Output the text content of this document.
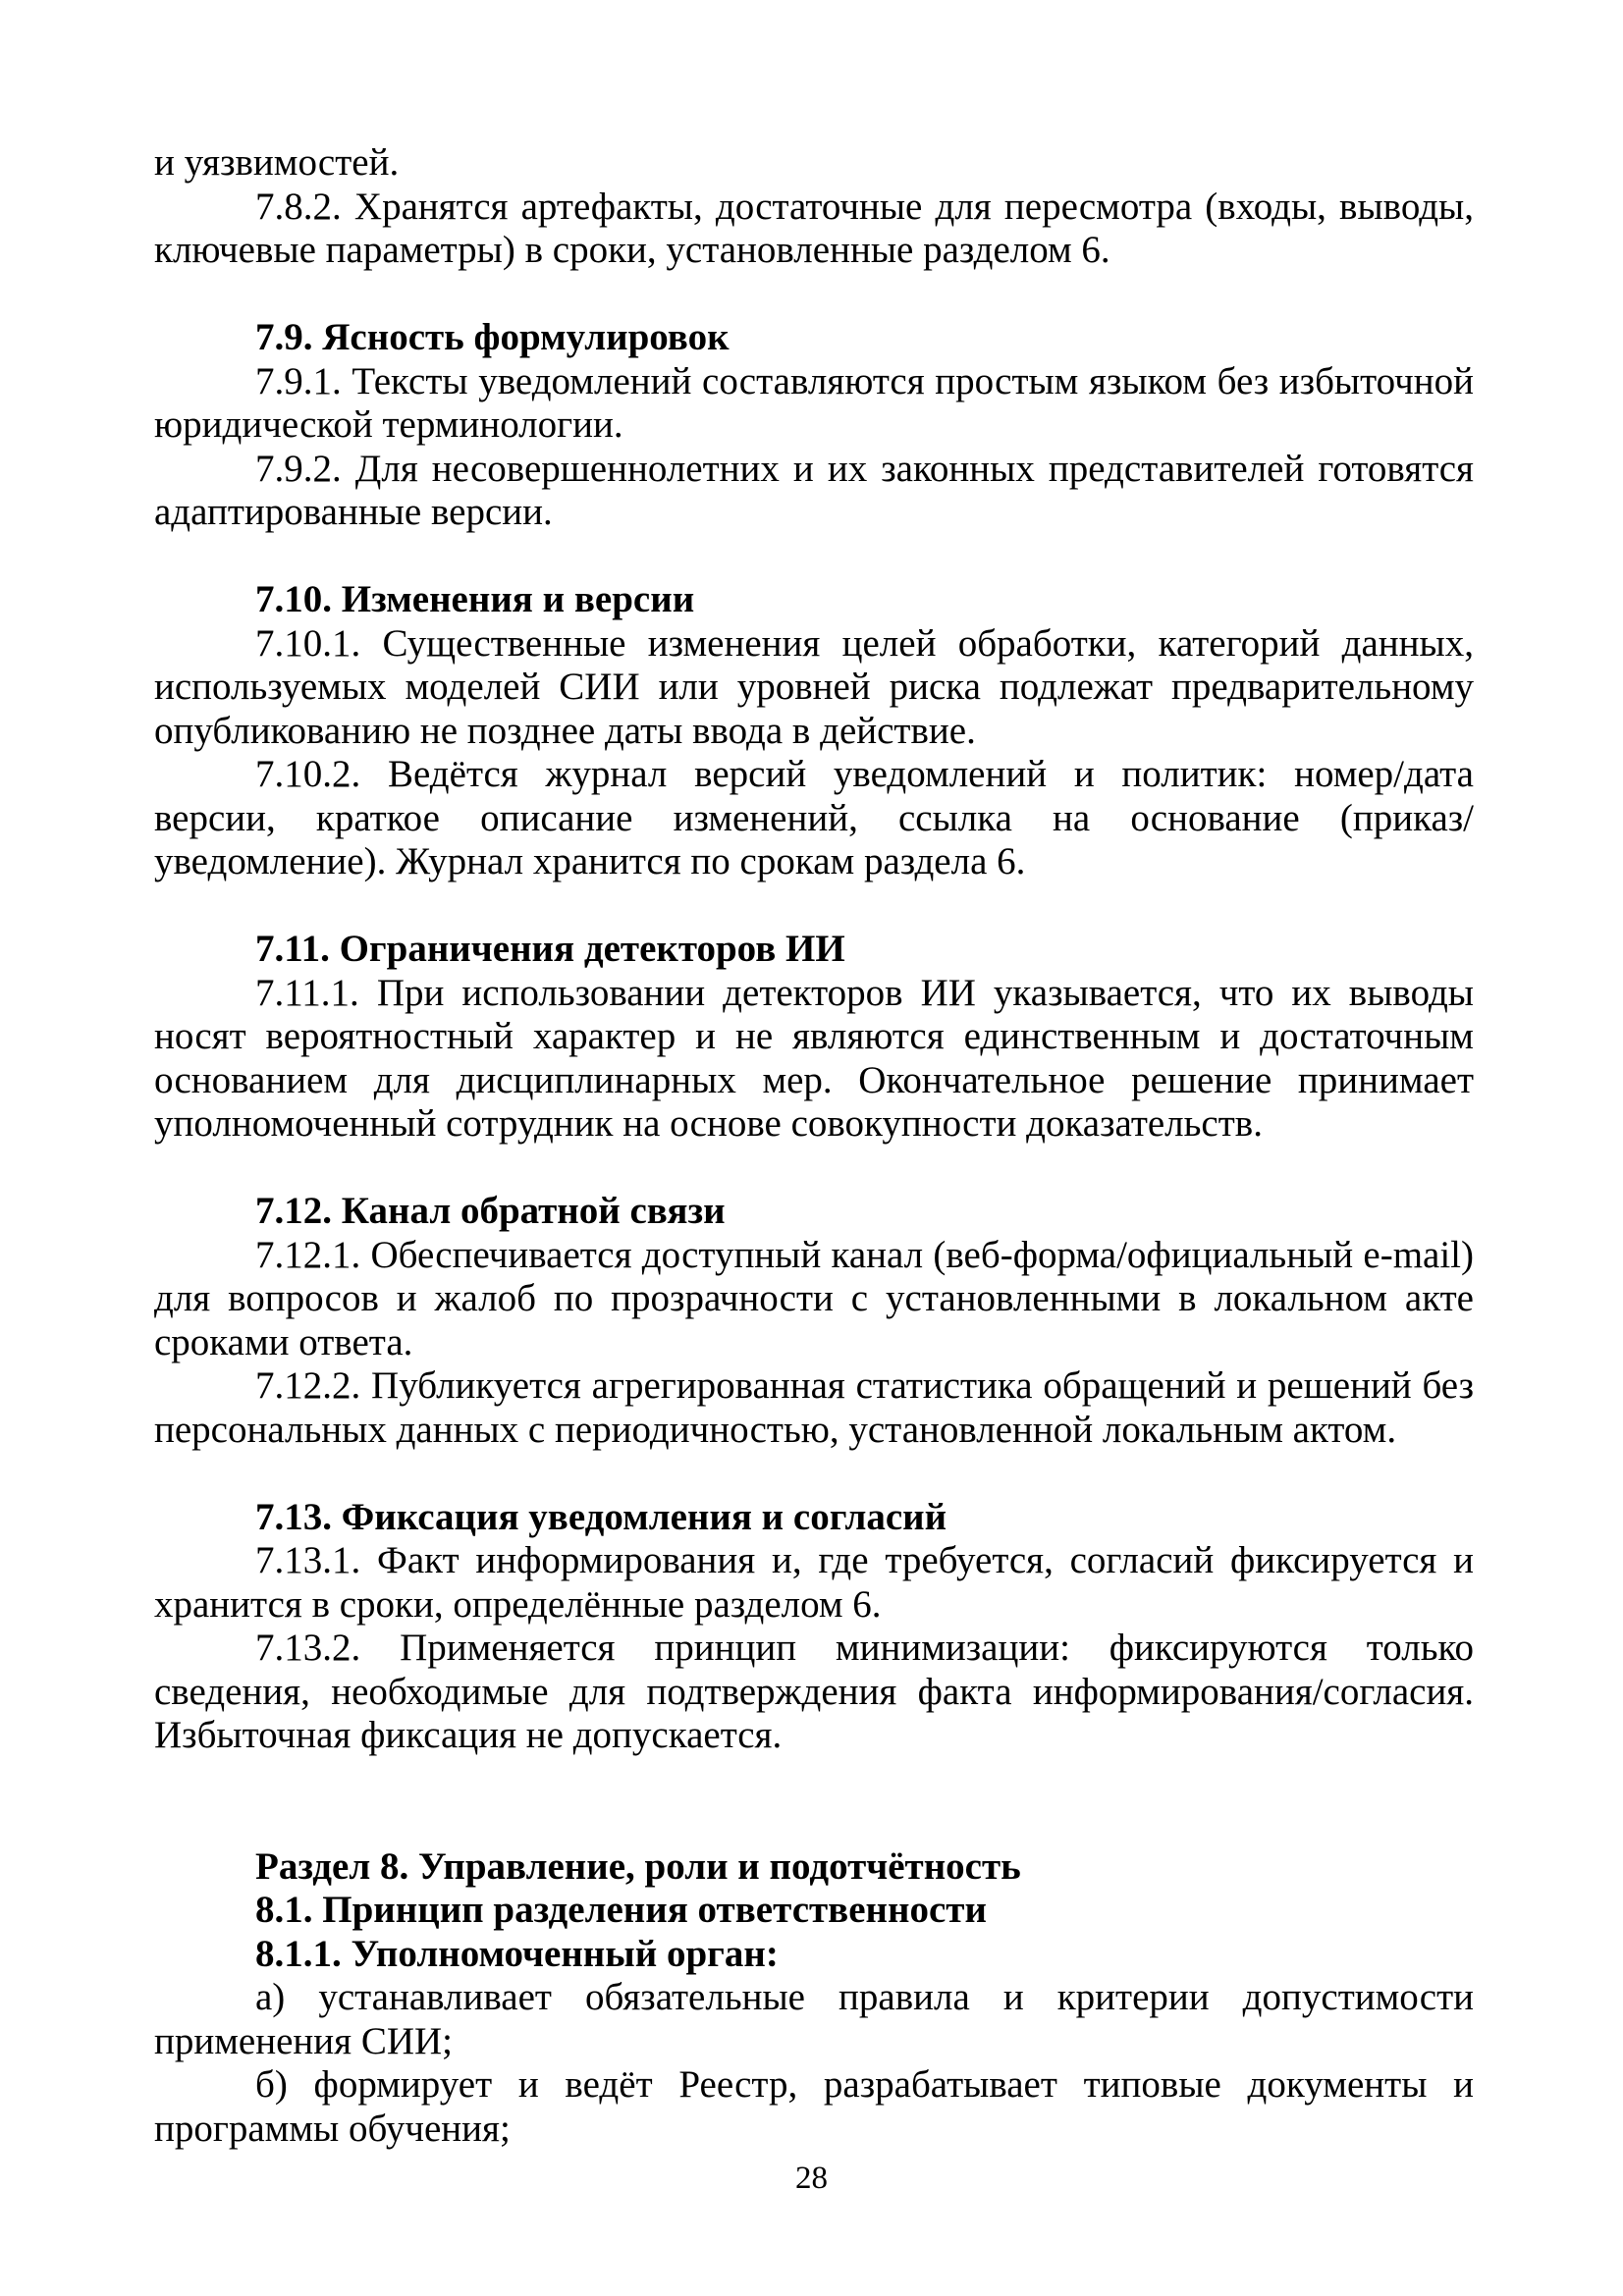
и уязвимостей.

7.8.2. Хранятся артефакты, достаточные для пересмотра (входы, выводы, ключевые параметры) в сроки, установленные разделом 6.

7.9. Ясность формулировок

7.9.1. Тексты уведомлений составляются простым языком без избыточной юридической терминологии.

7.9.2. Для несовершеннолетних и их законных представителей готовятся адаптированные версии.

7.10. Изменения и версии

7.10.1. Существенные изменения целей обработки, категорий данных, используемых моделей СИИ или уровней риска подлежат предварительному опубликованию не позднее даты ввода в действие.

7.10.2. Ведётся журнал версий уведомлений и политик: номер/дата версии, краткое описание изменений, ссылка на основание (приказ/уведомление). Журнал хранится по срокам раздела 6.

7.11. Ограничения детекторов ИИ

7.11.1. При использовании детекторов ИИ указывается, что их выводы носят вероятностный характер и не являются единственным и достаточным основанием для дисциплинарных мер. Окончательное решение принимает уполномоченный сотрудник на основе совокупности доказательств.

7.12. Канал обратной связи

7.12.1. Обеспечивается доступный канал (веб-форма/официальный e-mail) для вопросов и жалоб по прозрачности с установленными в локальном акте сроками ответа.

7.12.2. Публикуется агрегированная статистика обращений и решений без персональных данных с периодичностью, установленной локальным актом.

7.13. Фиксация уведомления и согласий

7.13.1. Факт информирования и, где требуется, согласий фиксируется и хранится в сроки, определённые разделом 6.

7.13.2. Применяется принцип минимизации: фиксируются только сведения, необходимые для подтверждения факта информирования/согласия. Избыточная фиксация не допускается.

Раздел 8. Управление, роли и подотчётность

8.1. Принцип разделения ответственности

8.1.1. Уполномоченный орган:

а) устанавливает обязательные правила и критерии допустимости применения СИИ;

б) формирует и ведёт Реестр, разрабатывает типовые документы и программы обучения;

28
